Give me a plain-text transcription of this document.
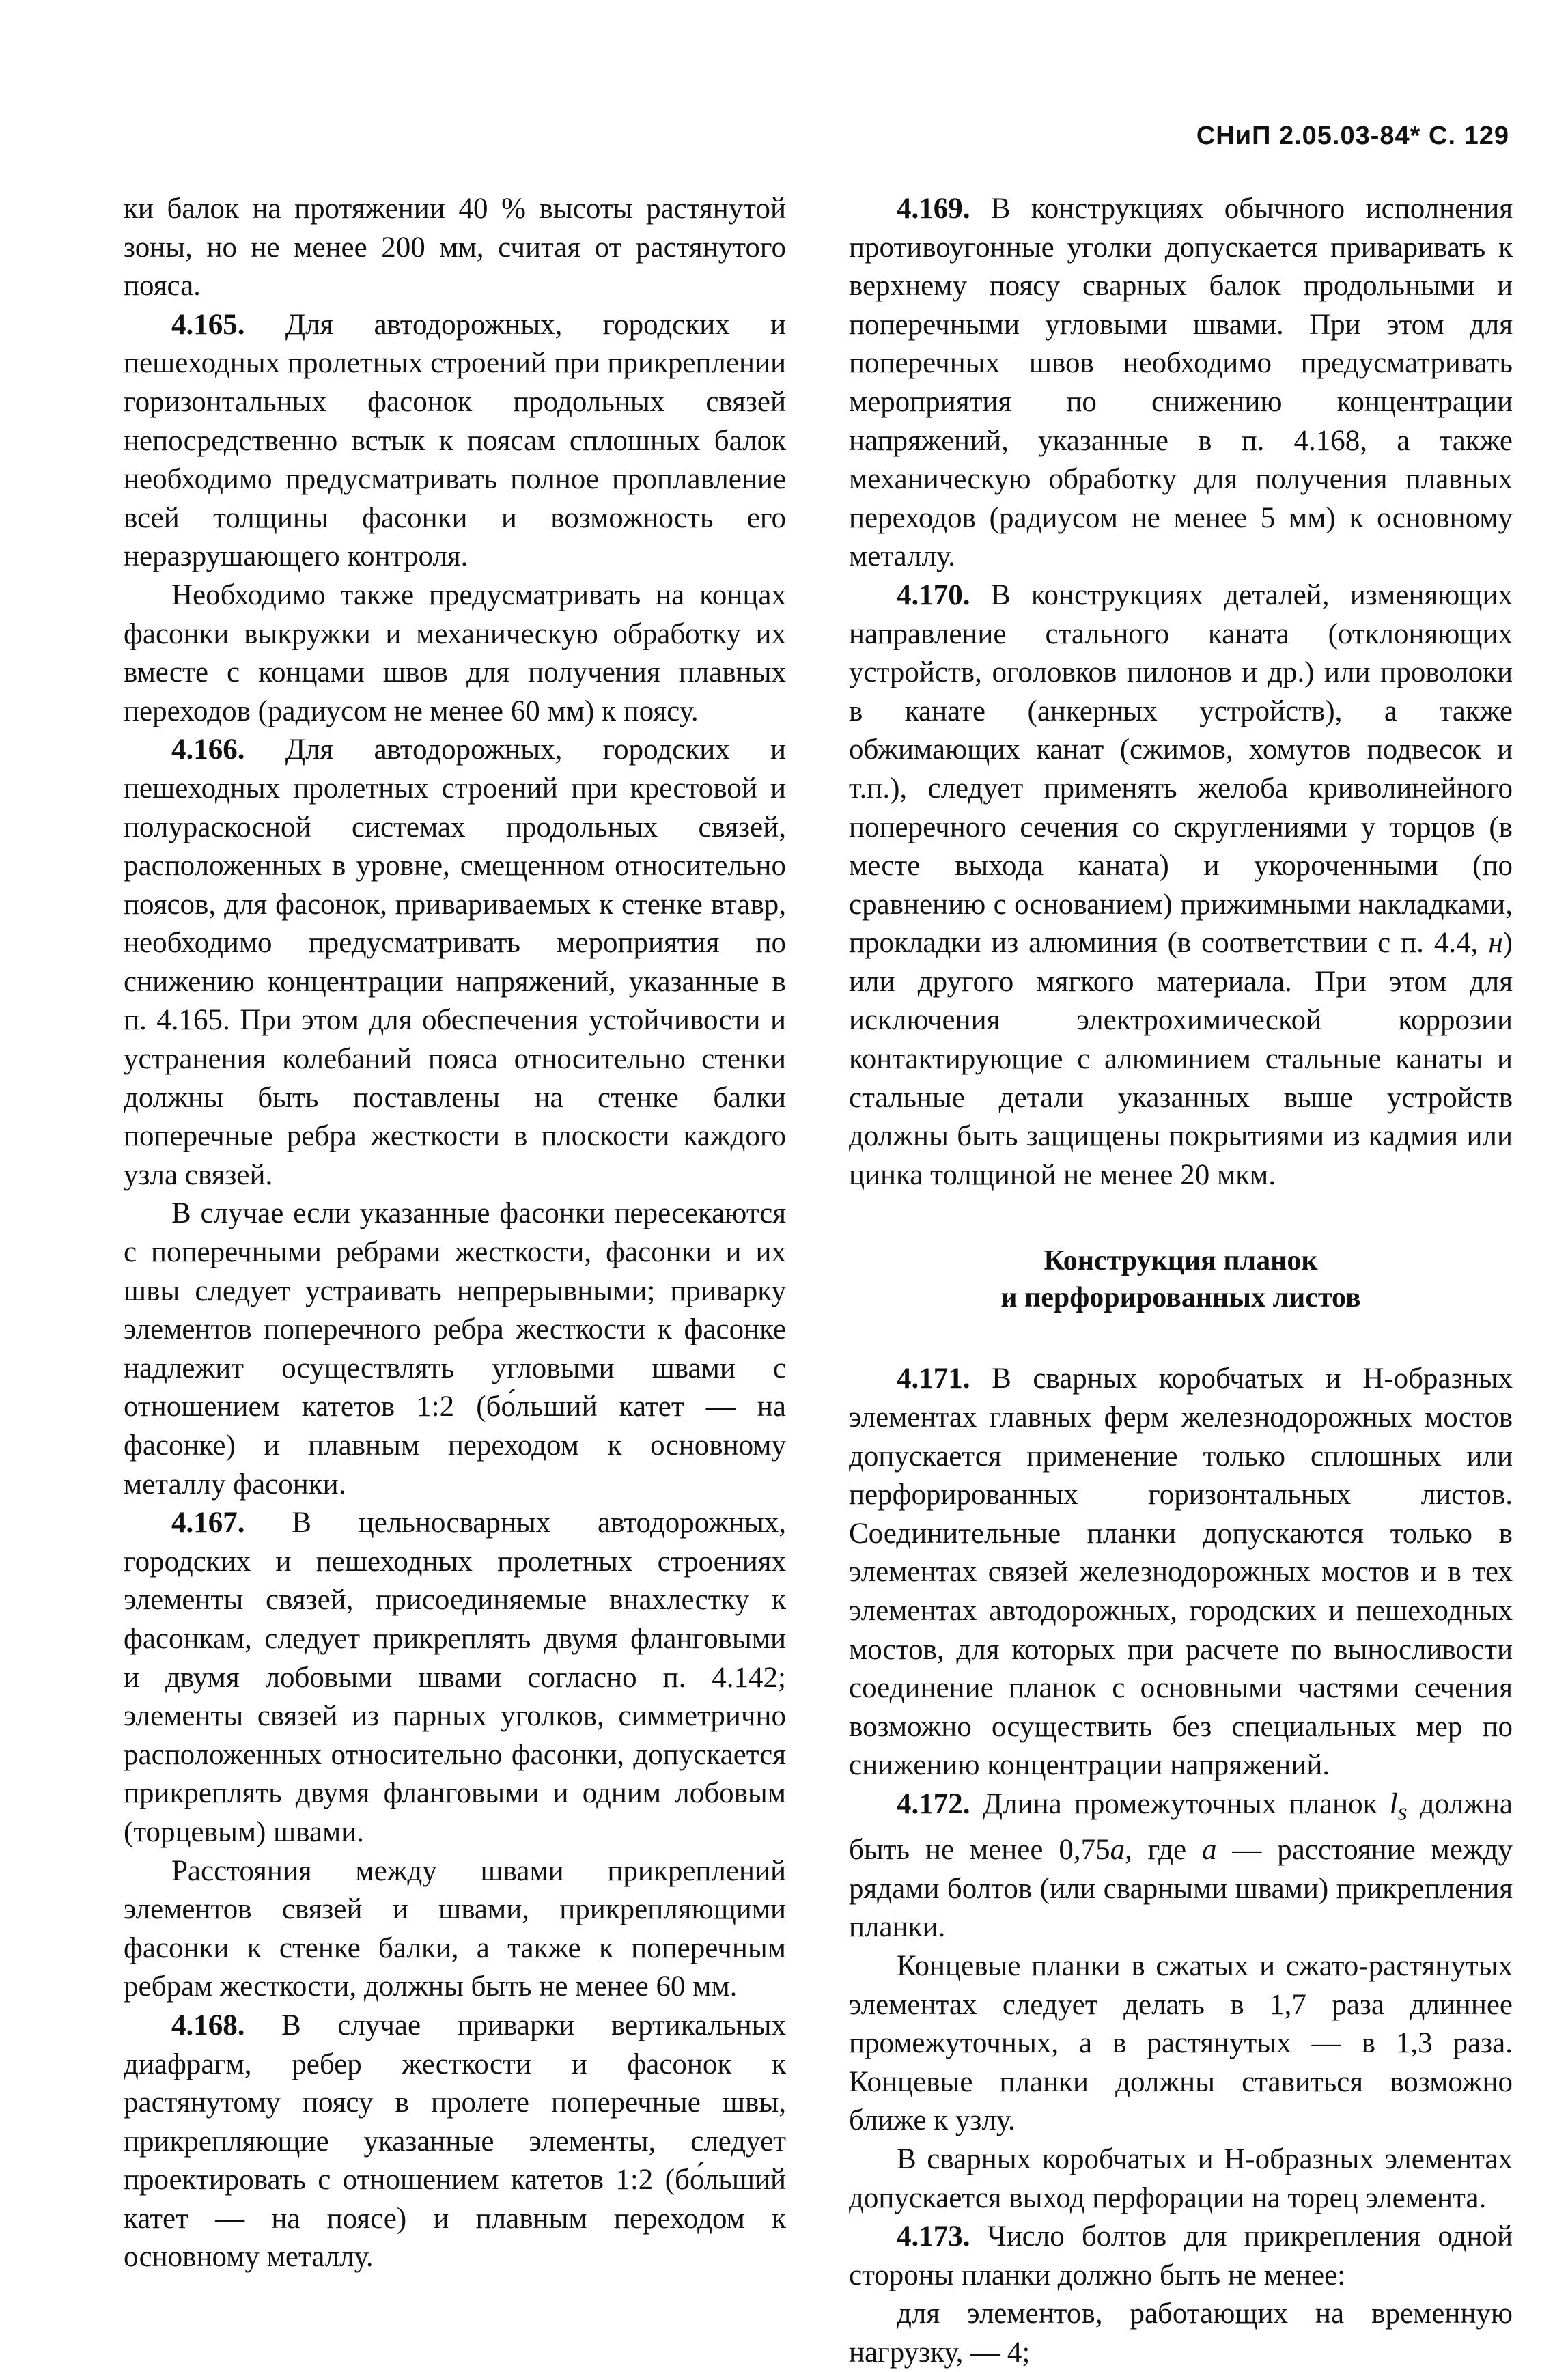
СНиП 2.05.03-84* С. 129

ки балок на протяжении 40 % высоты растянутой зоны, но не менее 200 мм, считая от растянутого пояса.

4.165. Для автодорожных, городских и пешеходных пролетных строений при прикреплении горизонтальных фасонок продольных связей непосредственно встык к поясам сплошных балок необходимо предусматривать полное проплавление всей толщины фасонки и возможность его неразрушающего контроля.

Необходимо также предусматривать на концах фасонки выкружки и механическую обработку их вместе с концами швов для получения плавных переходов (радиусом не менее 60 мм) к поясу.

4.166. Для автодорожных, городских и пешеходных пролетных строений при крестовой и полураскосной системах продольных связей, расположенных в уровне, смещенном относительно поясов, для фасонок, привариваемых к стенке втавр, необходимо предусматривать мероприятия по снижению концентрации напряжений, указанные в п. 4.165. При этом для обеспечения устойчивости и устранения колебаний пояса относительно стенки должны быть поставлены на стенке балки поперечные ребра жесткости в плоскости каждого узла связей.

В случае если указанные фасонки пересекаются с поперечными ребрами жесткости, фасонки и их швы следует устраивать непрерывными; приварку элементов поперечного ребра жесткости к фасонке надлежит осуществлять угловыми швами с отношением катетов 1:2 (бо́льший катет — на фасонке) и плавным переходом к основному металлу фасонки.

4.167. В цельносварных автодорожных, городских и пешеходных пролетных строениях элементы связей, присоединяемые внахлестку к фасонкам, следует прикреплять двумя фланговыми и двумя лобовыми швами согласно п. 4.142; элементы связей из парных уголков, симметрично расположенных относительно фасонки, допускается прикреплять двумя фланговыми и одним лобовым (торцевым) швами.

Расстояния между швами прикреплений элементов связей и швами, прикрепляющими фасонки к стенке балки, а также к поперечным ребрам жесткости, должны быть не менее 60 мм.

4.168. В случае приварки вертикальных диафрагм, ребер жесткости и фасонок к растянутому поясу в пролете поперечные швы, прикрепляющие указанные элементы, следует проектировать с отношением катетов 1:2 (бо́льший катет — на поясе) и плавным переходом к основному металлу.

4.169. В конструкциях обычного исполнения противоугонные уголки допускается приваривать к верхнему поясу сварных балок продольными и поперечными угловыми швами. При этом для поперечных швов необходимо предусматривать мероприятия по снижению концентрации напряжений, указанные в п. 4.168, а также механическую обработку для получения плавных переходов (радиусом не менее 5 мм) к основному металлу.

4.170. В конструкциях деталей, изменяющих направление стального каната (отклоняющих устройств, оголовков пилонов и др.) или проволоки в канате (анкерных устройств), а также обжимающих канат (сжимов, хомутов подвесок и т.п.), следует применять желоба криволинейного поперечного сечения со скруглениями у торцов (в месте выхода каната) и укороченными (по сравнению с основанием) прижимными накладками, прокладки из алюминия (в соответствии с п. 4.4, н) или другого мягкого материала. При этом для исключения электрохимической коррозии контактирующие с алюминием стальные канаты и стальные детали указанных выше устройств должны быть защищены покрытиями из кадмия или цинка толщиной не менее 20 мкм.

Конструкция планок
и перфорированных листов

4.171. В сварных коробчатых и Н-образных элементах главных ферм железнодорожных мостов допускается применение только сплошных или перфорированных горизонтальных листов. Соединительные планки допускаются только в элементах связей железнодорожных мостов и в тех элементах автодорожных, городских и пешеходных мостов, для которых при расчете по выносливости соединение планок с основными частями сечения возможно осуществить без специальных мер по снижению концентрации напряжений.

4.172. Длина промежуточных планок $l_s$ должна быть не менее 0,75a, где a — расстояние между рядами болтов (или сварными швами) прикрепления планки.

Концевые планки в сжатых и сжато-растянутых элементах следует делать в 1,7 раза длиннее промежуточных, а в растянутых — в 1,3 раза. Концевые планки должны ставиться возможно ближе к узлу.

В сварных коробчатых и Н-образных элементах допускается выход перфорации на торец элемента.

4.173. Число болтов для прикрепления одной стороны планки должно быть не менее:

для элементов, работающих на временную нагрузку, — 4;
